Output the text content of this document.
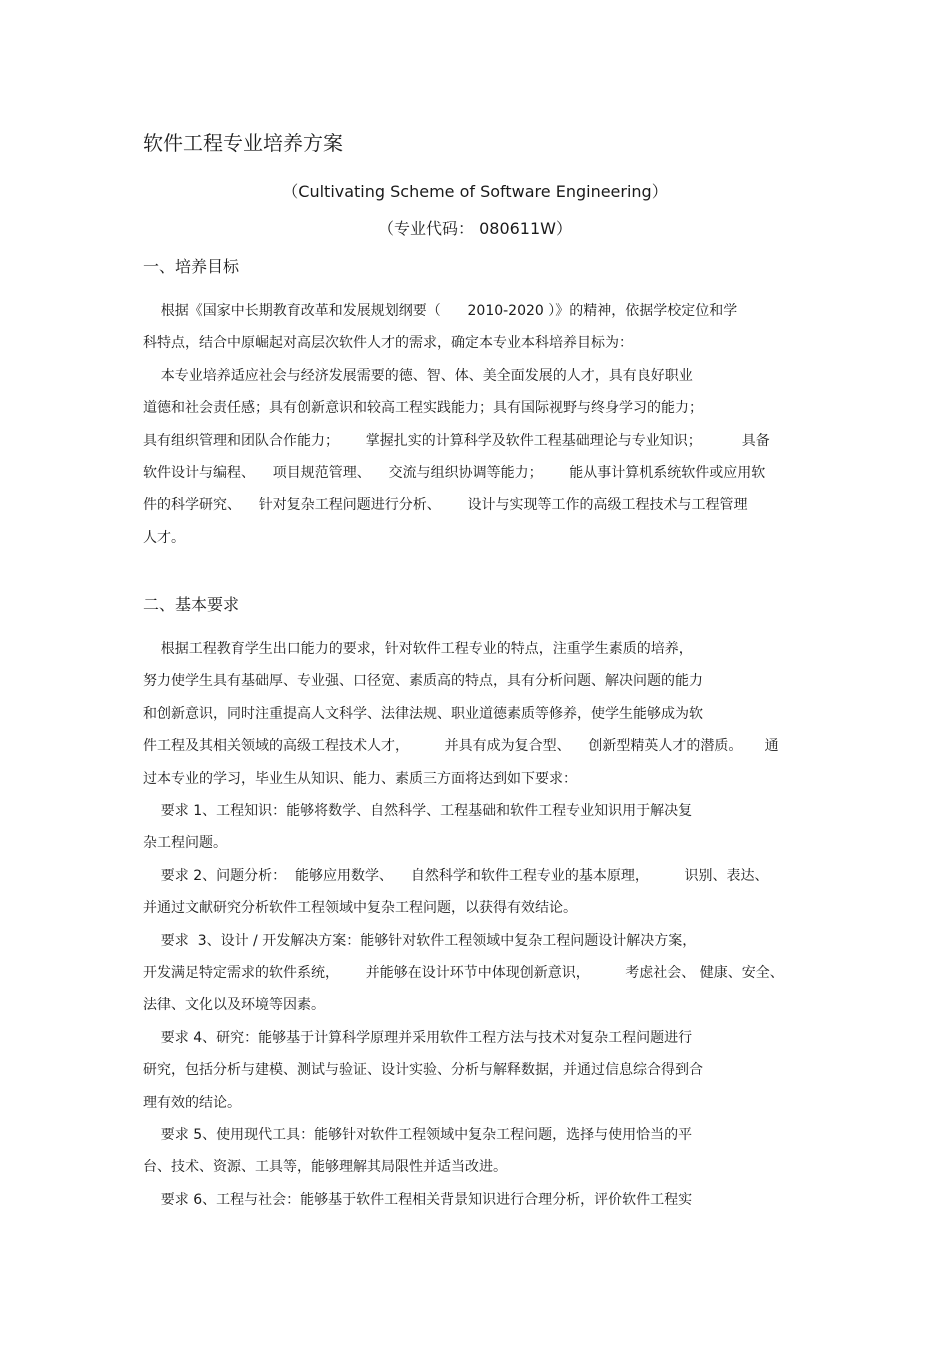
软件工程专业培养方案
（Cultivating Scheme of Software Engineering）
（专业代码： 080611W）
一、培养目标
根据《国家中长期教育改革和发展规划纲要（      2010-2020 ）》的精神，依据学校定位和学
科特点，结合中原崛起对高层次软件人才的需求，确定本专业本科培养目标为：
本专业培养适应社会与经济发展需要的德、智、体、美全面发展的人才，具有良好职业
道德和社会责任感；具有创新意识和较高工程实践能力；具有国际视野与终身学习的能力；
具有组织管理和团队合作能力；      掌握扎实的计算科学及软件工程基础理论与专业知识；         具备
软件设计与编程、    项目规范管理、    交流与组织协调等能力；      能从事计算机系统软件或应用软
件的科学研究、    针对复杂工程问题进行分析、      设计与实现等工作的高级工程技术与工程管理
人才。
二、基本要求
根据工程教育学生出口能力的要求，针对软件工程专业的特点，注重学生素质的培养，
努力使学生具有基础厚、专业强、口径宽、素质高的特点，具有分析问题、解决问题的能力
和创新意识，同时注重提高人文科学、法律法规、职业道德素质等修养，使学生能够成为软
件工程及其相关领域的高级工程技术人才，        并具有成为复合型、    创新型精英人才的潜质。     通
过本专业的学习，毕业生从知识、能力、素质三方面将达到如下要求：
要求 1、工程知识：能够将数学、自然科学、工程基础和软件工程专业知识用于解决复
杂工程问题。
要求 2、问题分析：  能够应用数学、    自然科学和软件工程专业的基本原理，        识别、表达、
并通过文献研究分析软件工程领域中复杂工程问题，以获得有效结论。
要求  3、设计 / 开发解决方案：能够针对软件工程领域中复杂工程问题设计解决方案，
开发满足特定需求的软件系统，      并能够在设计环节中体现创新意识，        考虑社会、 健康、安全、
法律、文化以及环境等因素。
要求 4、研究：能够基于计算科学原理并采用软件工程方法与技术对复杂工程问题进行
研究，包括分析与建模、测试与验证、设计实验、分析与解释数据，并通过信息综合得到合
理有效的结论。
要求 5、使用现代工具：能够针对软件工程领域中复杂工程问题，选择与使用恰当的平
台、技术、资源、工具等，能够理解其局限性并适当改进。
要求 6、工程与社会：能够基于软件工程相关背景知识进行合理分析，评价软件工程实
